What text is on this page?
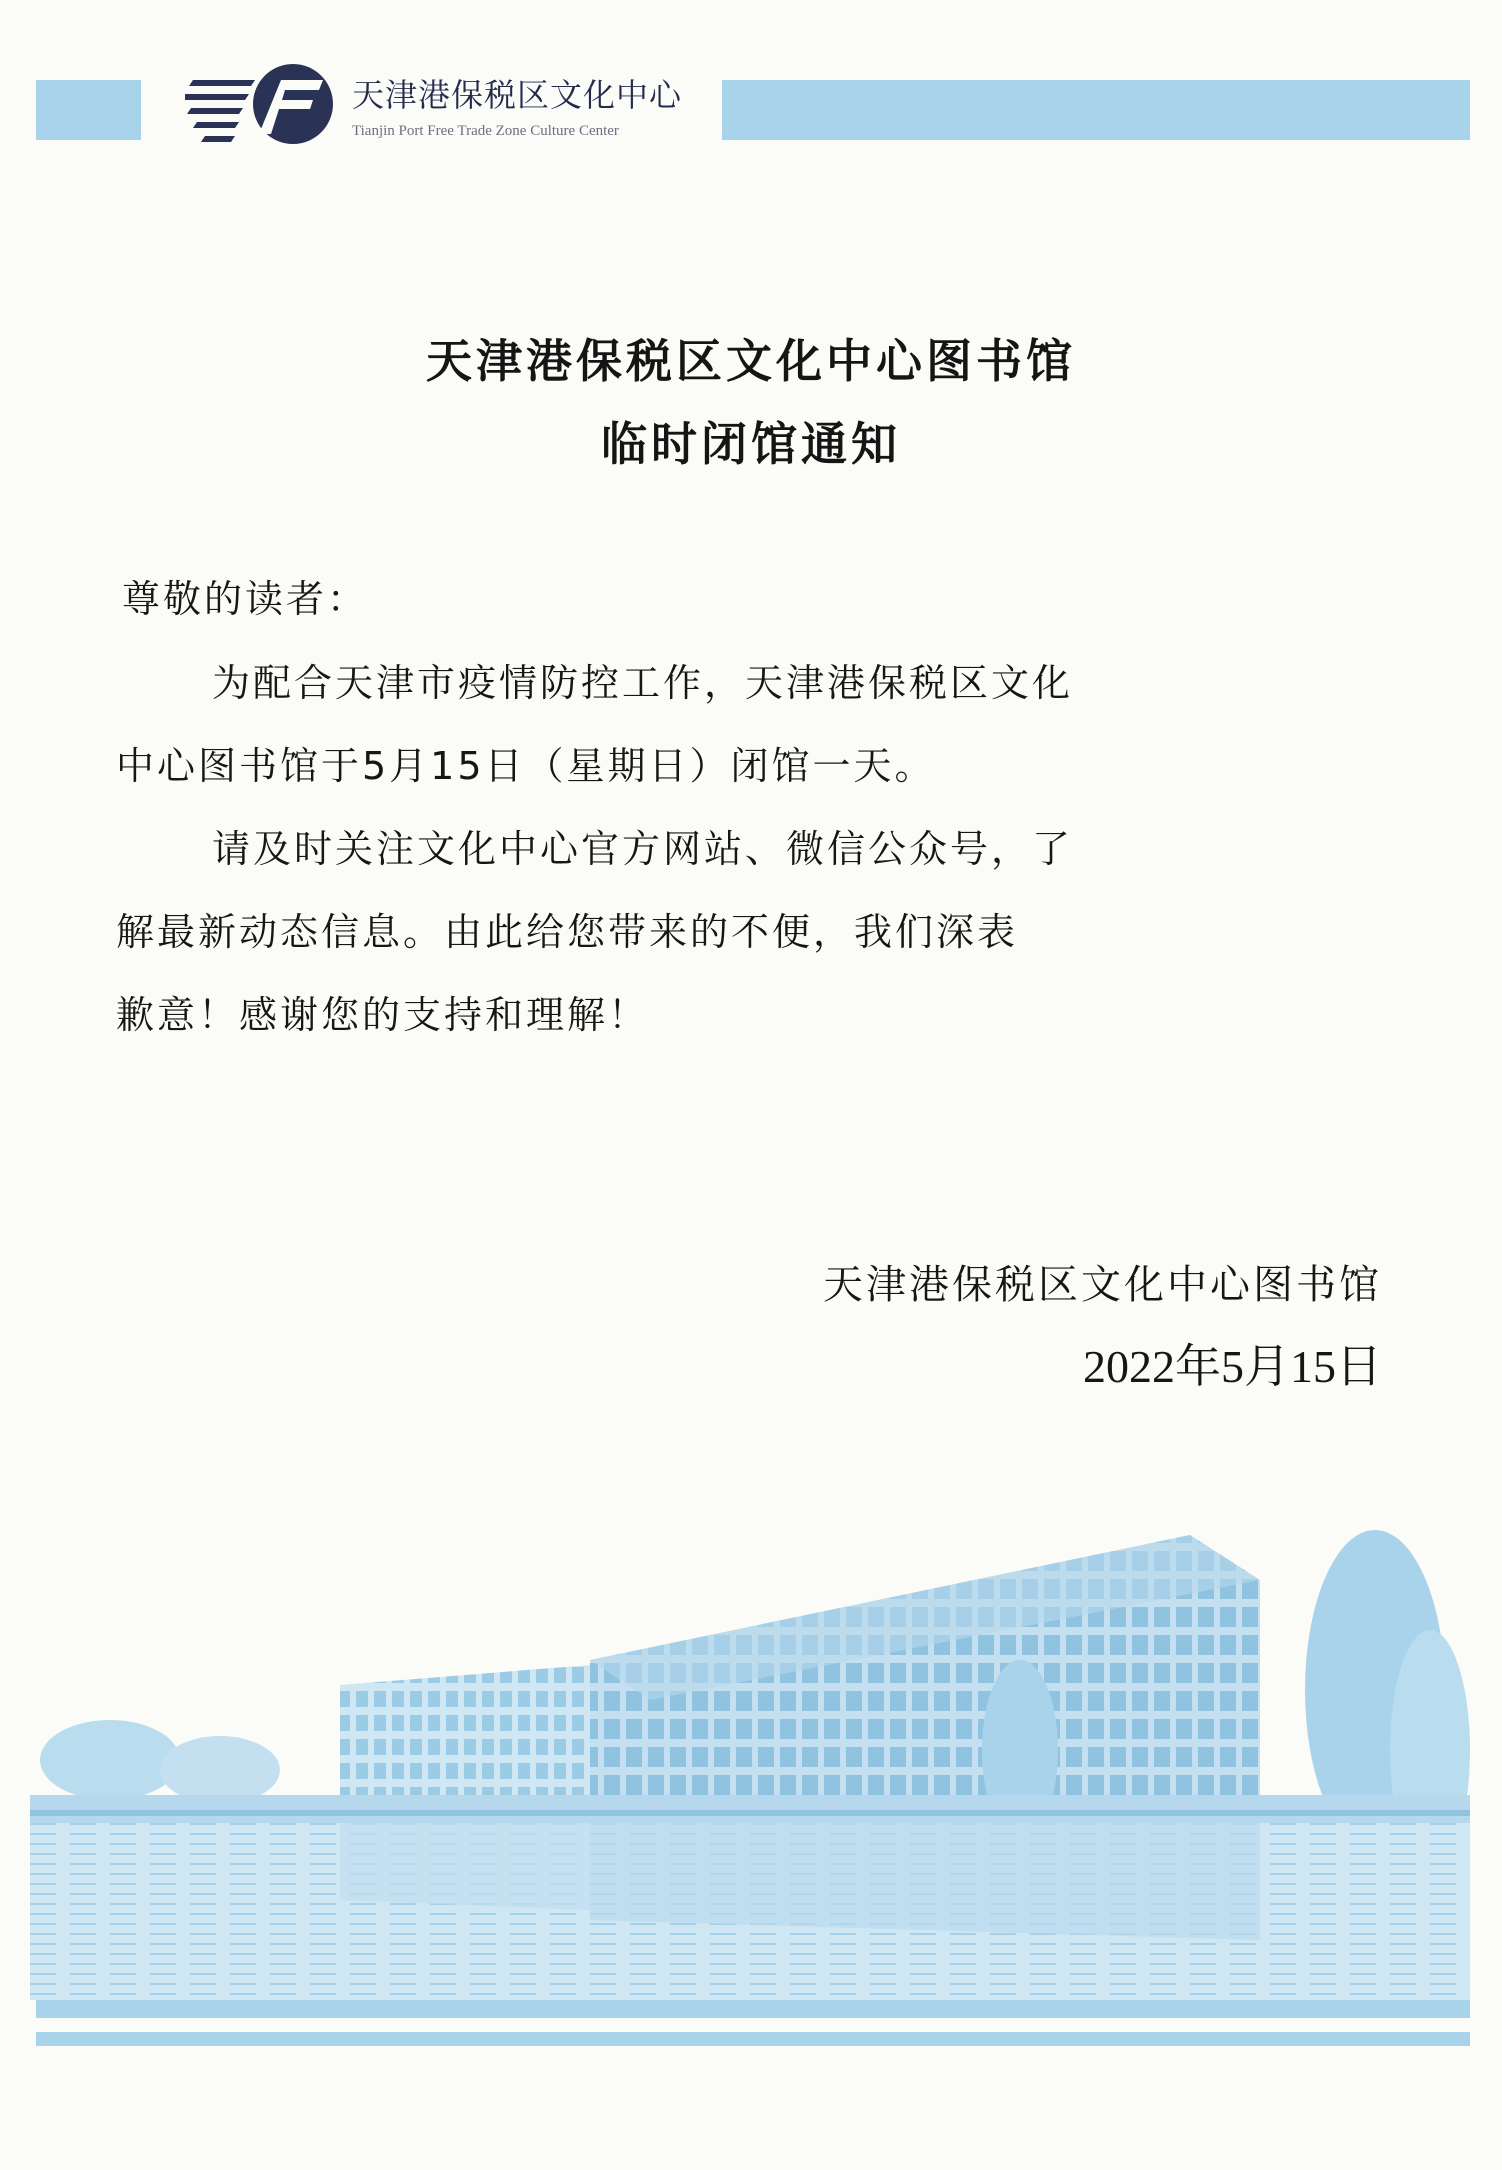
天津港保税区文化中心
Tianjin Port Free Trade Zone Culture Center
天津港保税区文化中心图书馆
临时闭馆通知
尊敬的读者：
为配合天津市疫情防控工作，天津港保税区文化
中心图书馆于5月15日（星期日）闭馆一天。
请及时关注文化中心官方网站、微信公众号，了
解最新动态信息。由此给您带来的不便，我们深表
歉意！感谢您的支持和理解！
天津港保税区文化中心图书馆
2022年5月15日
